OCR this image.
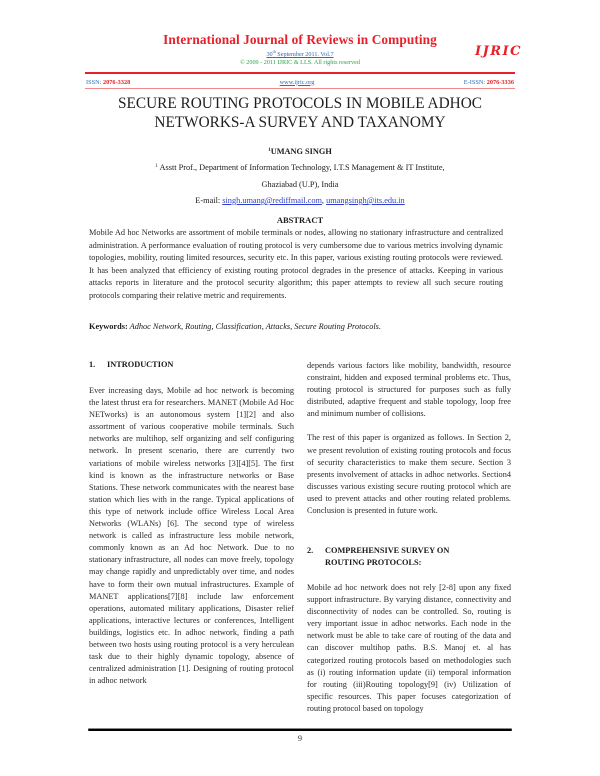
International Journal of Reviews in Computing
30th September 2011. Vol.7
© 2009 - 2011 IJRIC & LLS. All rights reserved
IJRIC
ISSN: 2076-3328	www.ijric.org	E-ISSN: 2076-3336
SECURE ROUTING PROTOCOLS IN MOBILE ADHOC
NETWORKS-A SURVEY AND TAXANOMY
$^1$UMANG SINGH
$^1$ Asstt Prof., Department of Information Technology, I.T.S Management & IT Institute,
Ghaziabad (U.P), India
E-mail: singh.umang@rediffmail.com, umangsingh@its.edu.in
ABSTRACT
Mobile Ad hoc Networks are assortment of mobile terminals or nodes, allowing no stationary infrastructure and centralized administration. A performance evaluation of routing protocol is very cumbersome due to various metrics involving dynamic topologies, mobility, routing limited resources, security etc. In this paper, various existing routing protocols were reviewed. It has been analyzed that efficiency of existing routing protocol degrades in the presence of attacks. Keeping in various attacks reports in literature and the protocol security algorithm; this paper attempts to review all such secure routing protocols comparing their relative metric and requirements.
Keywords: Adhoc Network, Routing, Classification, Attacks, Secure Routing Protocols.
1. INTRODUCTION

Ever increasing days, Mobile ad hoc network is becoming the latest thrust era for researchers. MANET (Mobile Ad Hoc NETworks) is an autonomous system [1][2] and also assortment of various cooperative mobile terminals. Such networks are multihop, self organizing and self configuring network. In present scenario, there are currently two variations of mobile wireless networks [3][4][5]. The first kind is known as the infrastructure networks or Base Stations. These network communicates with the nearest base station which lies with in the range. Typical applications of this type of network include office Wireless Local Area Networks (WLANs) [6]. The second type of wireless network is called as infrastructure less mobile network, commonly known as an Ad hoc Network. Due to no stationary infrastructure, all nodes can move freely, topology may change rapidly and unpredictably over time, and nodes have to form their own mutual infrastructures. Example of MANET applications[7][8] include law enforcement operations, automated military applications, Disaster relief applications, interactive lectures or conferences, Intelligent buildings, logistics etc. In adhoc network, finding a path between two hosts using routing protocol is a very herculean task due to their highly dynamic topology, absence of centralized administration [1]. Designing of routing protocol in adhoc network

depends various factors like mobility, bandwidth, resource constraint, hidden and exposed terminal problems etc. Thus, routing protocol is structured for purposes such as fully distributed, adaptive frequent and stable topology, loop free and minimum number of collisions.

The rest of this paper is organized as follows. In Section 2, we present revolution of existing routing protocols and focus of security characteristics to make them secure. Section 3 presents involvement of attacks in adhoc networks. Section4 discusses various existing secure routing protocol which are used to prevent attacks and other routing related problems. Conclusion is presented in future work.

2. COMPREHENSIVE SURVEY ON
ROUTING PROTOCOLS:

Mobile ad hoc network does not rely [2-8] upon any fixed support infrastructure. By varying distance, connectivity and disconnectivity of nodes can be controlled. So, routing is very important issue in adhoc networks. Each node in the network must be able to take care of routing of the data and can discover multihop paths. B.S. Manoj et. al has categorized routing protocols based on methodologies such as (i) routing information update (ii) temporal information for routing (iii)Routing topology[9] (iv) Utilization of specific resources. This paper focuses categorization of routing protocol based on topology

9
